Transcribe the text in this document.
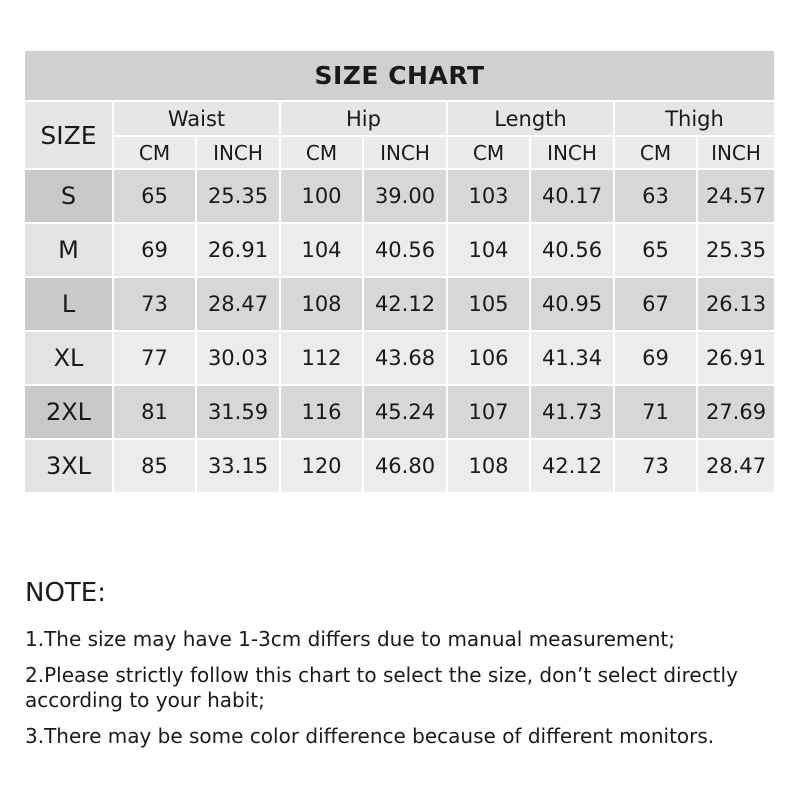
SIZE CHART
SIZE
Waist
CM	INCH
Hip
CM	INCH
Length
CM	INCH
Thigh
CM	INCH
S	65	25.35	100	39.00	103	40.17	63	24.57
M	69	26.91	104	40.56	104	40.56	65	25.35
L	73	28.47	108	42.12	105	40.95	67	26.13
XL	77	30.03	112	43.68	106	41.34	69	26.91
2XL	81	31.59	116	45.24	107	41.73	71	27.69
3XL	85	33.15	120	46.80	108	42.12	73	28.47
NOTE:
1.The size may have 1-3cm differs due to manual measurement;
2.Please strictly follow this chart to select the size, don’t select directly according to your habit;
3.There may be some color difference because of different monitors.
